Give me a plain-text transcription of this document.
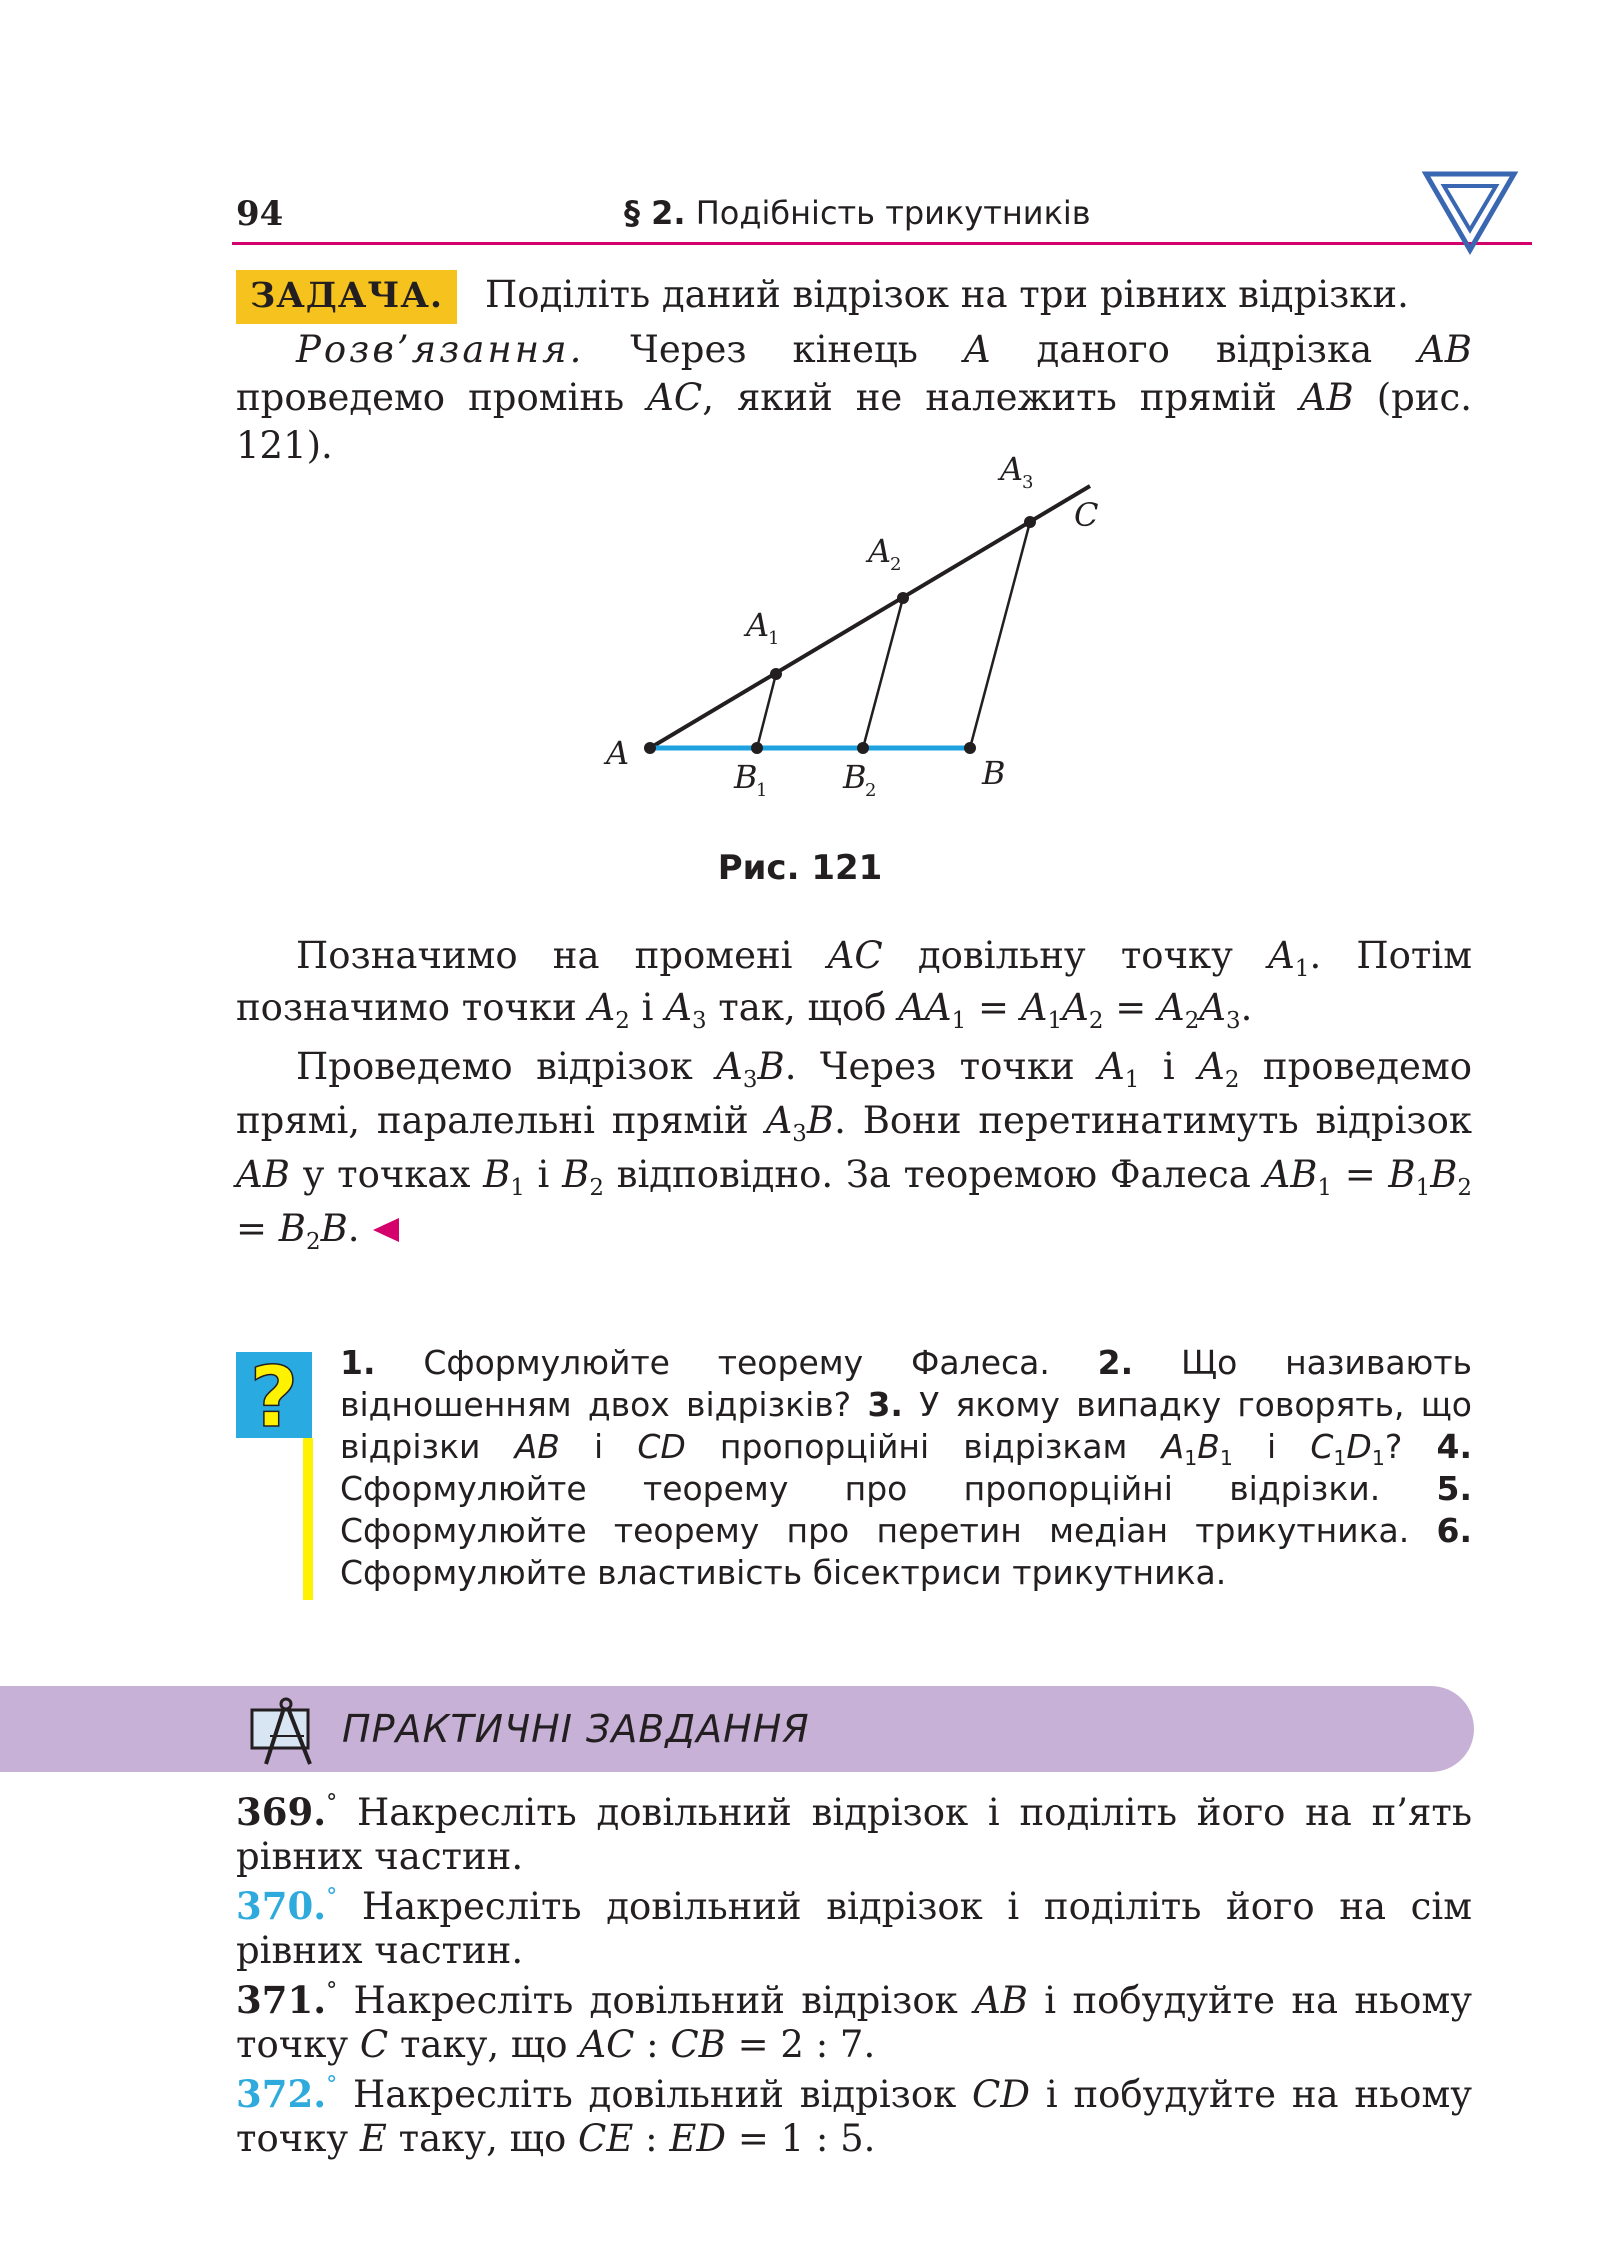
94	§ 2. Подібність трикутників
ЗАДАЧА. Поділіть даний відрізок на три рівних відрізки.
Розв’язання. Через кінець A даного відрізка AB проведемо промінь AC, який не належить прямій AB (рис. 121).
A
B
C
A
A
A
B	B
1
2
3
1	2
Рис. 121
Позначимо на промені AC довільну точку $A_1$. Потім позначимо точки $A_2$ і $A_3$ так, щоб $AA_1 = A_1A_2 = A_2A_3$.
Проведемо відрізок $A_3B$. Через точки $A_1$ і $A_2$ проведемо прямі, паралельні прямій $A_3B$. Вони перетинатимуть відрізок AB у точках $B_1$ і $B_2$ відповідно. За теоремою Фалеса $AB_1 = B_1B_2 = B_2B$.
? 1. Сформулюйте теорему Фалеса. 2. Що називають відношенням двох відрізків? 3. У якому випадку говорять, що відрізки AB і CD пропорційні відрізкам $A_1B_1$ і $C_1D_1$? 4. Сформулюйте теорему про пропорційні відрізки. 5. Сформулюйте теорему про перетин медіан трикутника. 6. Сформулюйте властивість бісектриси трикутника.
ПРАКТИЧНІ ЗАВДАННЯ
369.° Накресліть довільний відрізок і поділіть його на п’ять рівних частин.
370.° Накресліть довільний відрізок і поділіть його на сім рівних частин.
371.° Накресліть довільний відрізок AB і побудуйте на ньому точку C таку, що AC : CB = 2 : 7.
372.° Накресліть довільний відрізок CD і побудуйте на ньому точку E таку, що CE : ED = 1 : 5.
